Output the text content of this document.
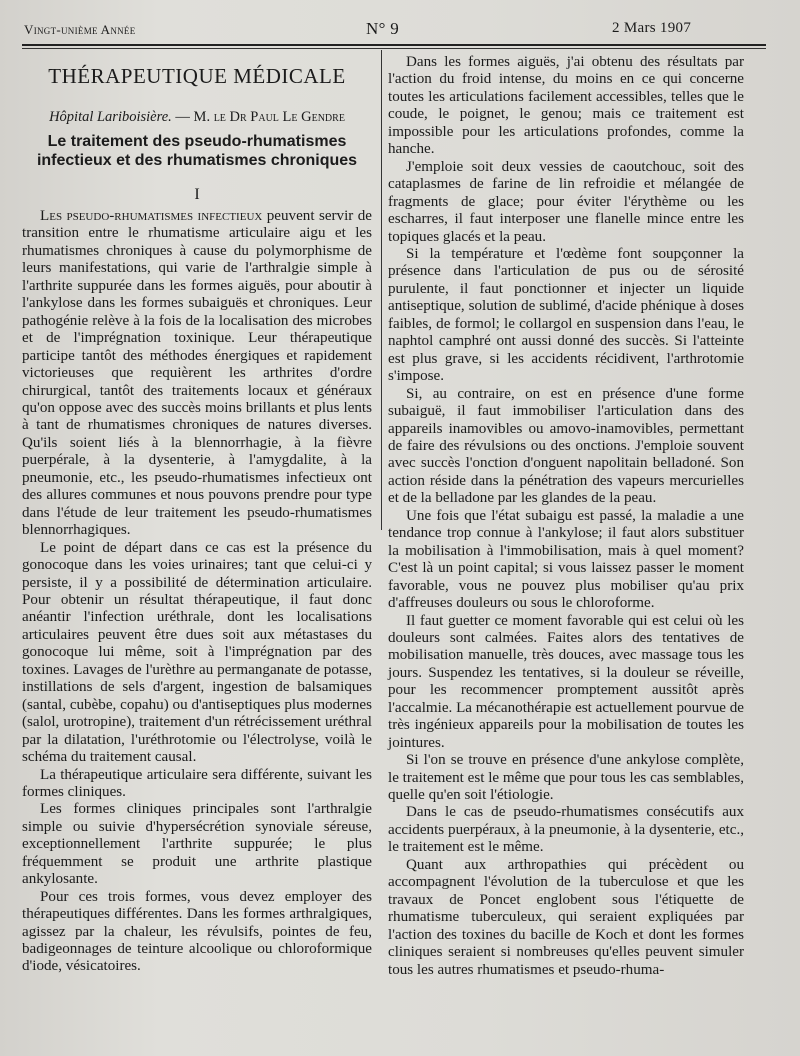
Vingt-unième Année	N° 9	2 Mars 1907
THÉRAPEUTIQUE MÉDICALE
Hôpital Lariboisière. — M. le Dr Paul Le Gendre
Le traitement des pseudo-rhumatismes infectieux et des rhumatismes chroniques
I

Les pseudo-rhumatismes infectieux peuvent servir de transition entre le rhumatisme articulaire aigu et les rhumatismes chroniques à cause du polymorphisme de leurs manifestations, qui varie de l'arthralgie simple à l'arthrite suppurée dans les formes aiguës, pour aboutir à l'ankylose dans les formes subaiguës et chroniques. Leur pathogénie relève à la fois de la localisation des microbes et de l'imprégnation toxinique. Leur thérapeutique participe tantôt des méthodes énergiques et rapidement victorieuses que requièrent les arthrites d'ordre chirurgical, tantôt des traitements locaux et généraux qu'on oppose avec des succès moins brillants et plus lents à tant de rhumatismes chroniques de natures diverses. Qu'ils soient liés à la blennorrhagie, à la fièvre puerpérale, à la dysenterie, à l'amygdalite, à la pneumonie, etc., les pseudo-rhumatismes infectieux ont des allures communes et nous pouvons prendre pour type dans l'étude de leur traitement les pseudo-rhumatismes blennorrhagiques.

Le point de départ dans ce cas est la présence du gonocoque dans les voies urinaires; tant que celui-ci y persiste, il y a possibilité de détermination articulaire. Pour obtenir un résultat thérapeutique, il faut donc anéantir l'infection uréthrale, dont les localisations articulaires peuvent être dues soit aux métastases du gonocoque lui même, soit à l'imprégnation par des toxines. Lavages de l'urèthre au permanganate de potasse, instillations de sels d'argent, ingestion de balsamiques (santal, cubèbe, copahu) ou d'antiseptiques plus modernes (salol, urotropine), traitement d'un rétrécissement uréthral par la dilatation, l'uréthrotomie ou l'électrolyse, voilà le schéma du traitement causal.

La thérapeutique articulaire sera différente, suivant les formes cliniques.

Les formes cliniques principales sont l'arthralgie simple ou suivie d'hypersécrétion synoviale séreuse, exceptionnellement l'arthrite suppurée; le plus fréquemment se produit une arthrite plastique ankylosante.

Pour ces trois formes, vous devez employer des thérapeutiques différentes. Dans les formes arthralgiques, agissez par la chaleur, les révulsifs, pointes de feu, badigeonnages de teinture alcoolique ou chloroformique d'iode, vésicatoires.

Dans les formes aiguës, j'ai obtenu des résultats par l'action du froid intense, du moins en ce qui concerne toutes les articulations facilement accessibles, telles que le coude, le poignet, le genou; mais ce traitement est impossible pour les articulations profondes, comme la hanche.

J'emploie soit deux vessies de caoutchouc, soit des cataplasmes de farine de lin refroidie et mélangée de fragments de glace; pour éviter l'érythème ou les escharres, il faut interposer une flanelle mince entre les topiques glacés et la peau.

Si la température et l'œdème font soupçonner la présence dans l'articulation de pus ou de sérosité purulente, il faut ponctionner et injecter un liquide antiseptique, solution de sublimé, d'acide phénique à doses faibles, de formol; le collargol en suspension dans l'eau, le naphtol camphré ont aussi donné des succès. Si l'atteinte est plus grave, si les accidents récidivent, l'arthrotomie s'impose.

Si, au contraire, on est en présence d'une forme subaiguë, il faut immobiliser l'articulation dans des appareils inamovibles ou amovo-inamovibles, permettant de faire des révulsions ou des onctions. J'emploie souvent avec succès l'onction d'onguent napolitain belladoné. Son action réside dans la pénétration des vapeurs mercurielles et de la belladone par les glandes de la peau.

Une fois que l'état subaigu est passé, la maladie a une tendance trop connue à l'ankylose; il faut alors substituer la mobilisation à l'immobilisation, mais à quel moment? C'est là un point capital; si vous laissez passer le moment favorable, vous ne pouvez plus mobiliser qu'au prix d'affreuses douleurs ou sous le chloroforme.

Il faut guetter ce moment favorable qui est celui où les douleurs sont calmées. Faites alors des tentatives de mobilisation manuelle, très douces, avec massage tous les jours. Suspendez les tentatives, si la douleur se réveille, pour les recommencer promptement aussitôt après l'accalmie. La mécanothérapie est actuellement pourvue de très ingénieux appareils pour la mobilisation de toutes les jointures.

Si l'on se trouve en présence d'une ankylose complète, le traitement est le même que pour tous les cas semblables, quelle qu'en soit l'étiologie.

Dans le cas de pseudo-rhumatismes consécutifs aux accidents puerpéraux, à la pneumonie, à la dysenterie, etc., le traitement est le même.

Quant aux arthropathies qui précèdent ou accompagnent l'évolution de la tuberculose et que les travaux de Poncet englobent sous l'étiquette de rhumatisme tuberculeux, qui seraient expliquées par l'action des toxines du bacille de Koch et dont les formes cliniques seraient si nombreuses qu'elles peuvent simuler tous les autres rhumatismes et pseudo-rhuma-
